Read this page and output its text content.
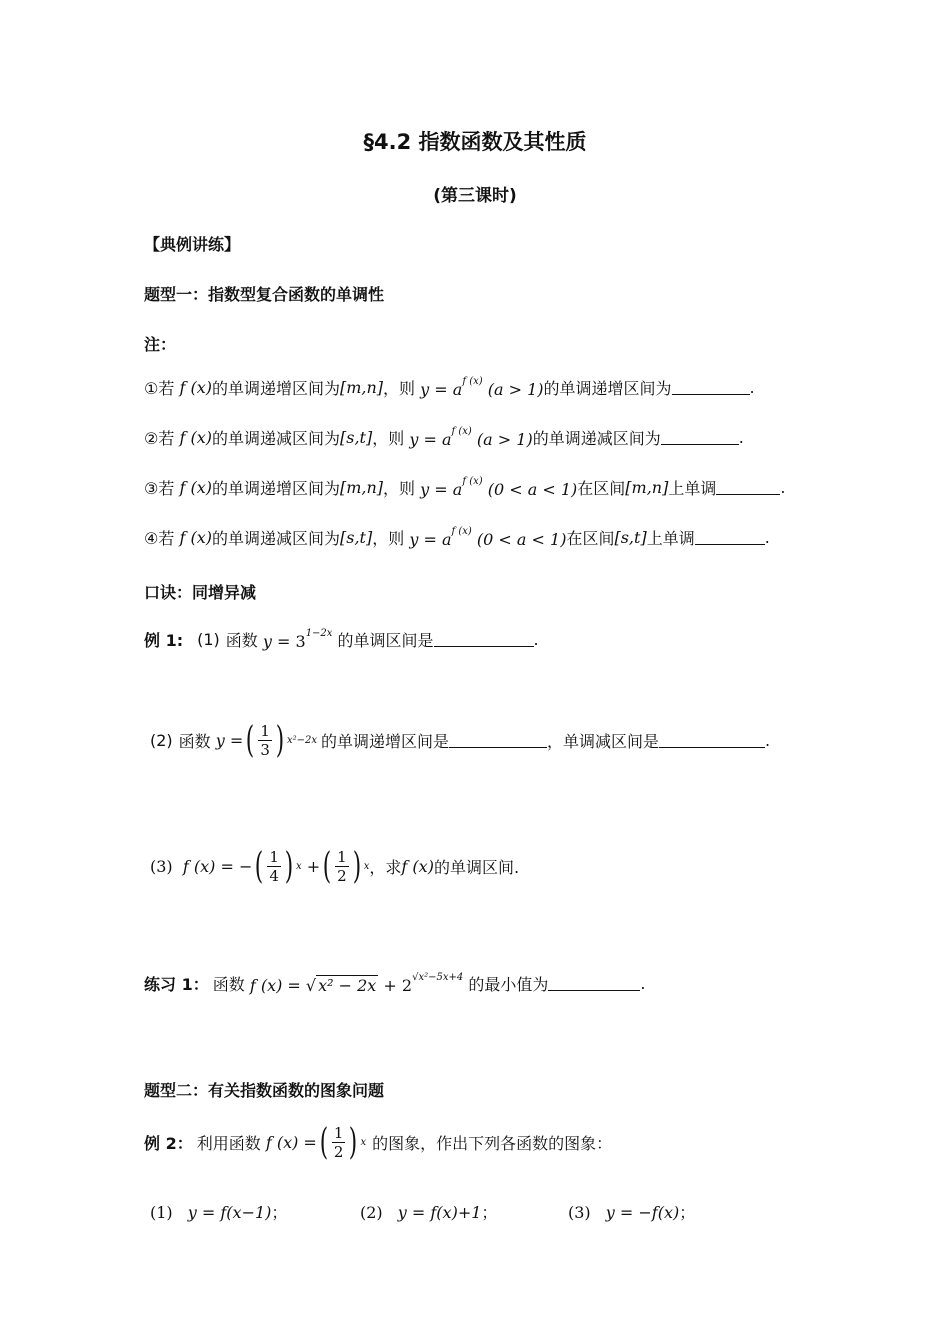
§4.2 指数函数及其性质
(第三课时)
【典例讲练】
题型一：指数型复合函数的单调性
注：
①若 f (x) 的单调递增区间为 [m,n] ，则 $y = a^{f (x)}$ (a > 1) 的单调递增区间为	.
②若 f (x) 的单调递减区间为 [s,t] ，则 $y = a^{f (x)}$ (a > 1) 的单调递减区间为	.
③若 f (x) 的单调递增区间为 [m,n] ，则 $y = a^{f (x)}$ (0 < a < 1) 在区间 [m,n] 上单调	.
④若 f (x) 的单调递减区间为 [s,t] ，则 $y = a^{f (x)}$ (0 < a < 1) 在区间 [s,t] 上单调	.
口诀：同增异减
例 1: (1) 函数 $y = 3^{1-2x}$ 的单调区间是	.
(2) 函数 y = ( $\frac{1}{3}$ ) x²−2x 的单调递增区间是	，单调减区间是	.
(3) f (x) = − ( $\frac{1}{4}$ ) x + ( $\frac{1}{2}$ ) x ，求 f (x) 的单调区间.
练习 1： 函数 f (x) = √ $x^2 - 2x + 2^{√x^2-5x+4}$ 的最小值为	.
题型二：有关指数函数的图象问题
例 2： 利用函数 f (x) = ( $\frac{1}{2}$ ) x 的图象，作出下列各函数的图象：
(1) y = f(x−1)；	(2) y = f(x)+1；	(3) y = −f(x)；
